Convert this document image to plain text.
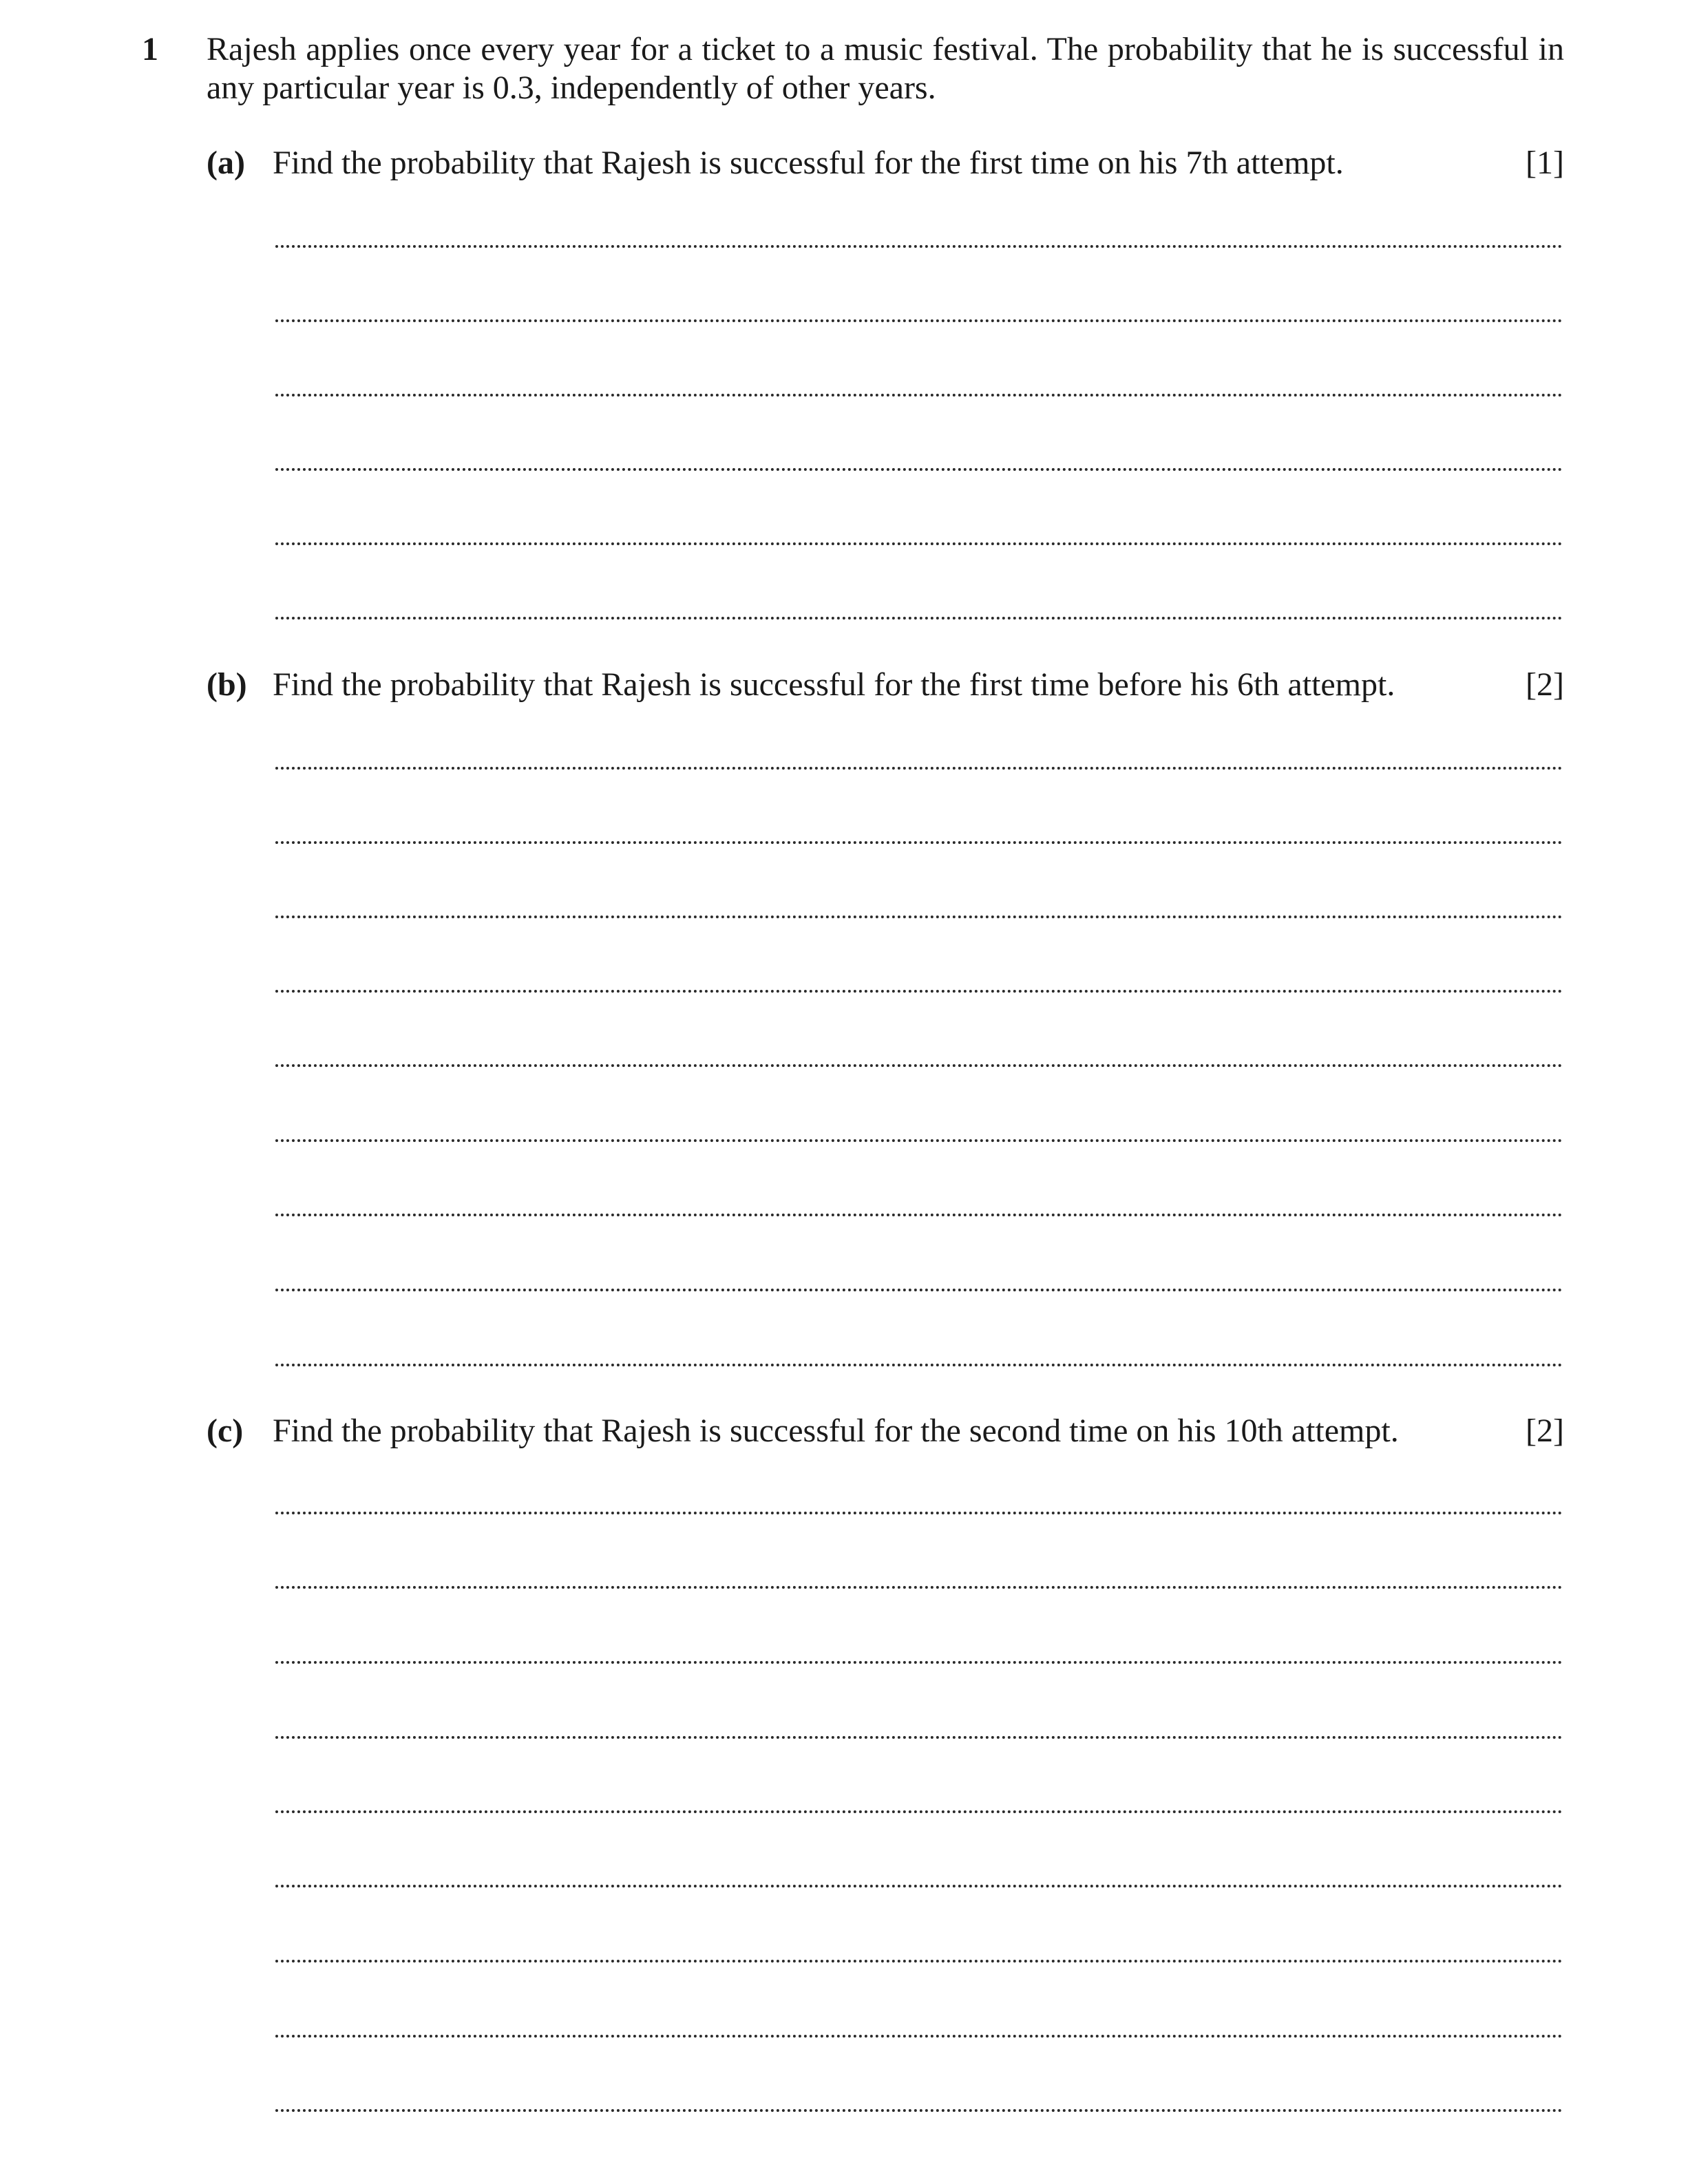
1 Rajesh applies once every year for a ticket to a music festival. The probability that he is successful in any particular year is 0.3, independently of other years.
(a) Find the probability that Rajesh is successful for the first time on his 7th attempt.	[1]
(b) Find the probability that Rajesh is successful for the first time before his 6th attempt.	[2]
(c) Find the probability that Rajesh is successful for the second time on his 10th attempt.	[2]
